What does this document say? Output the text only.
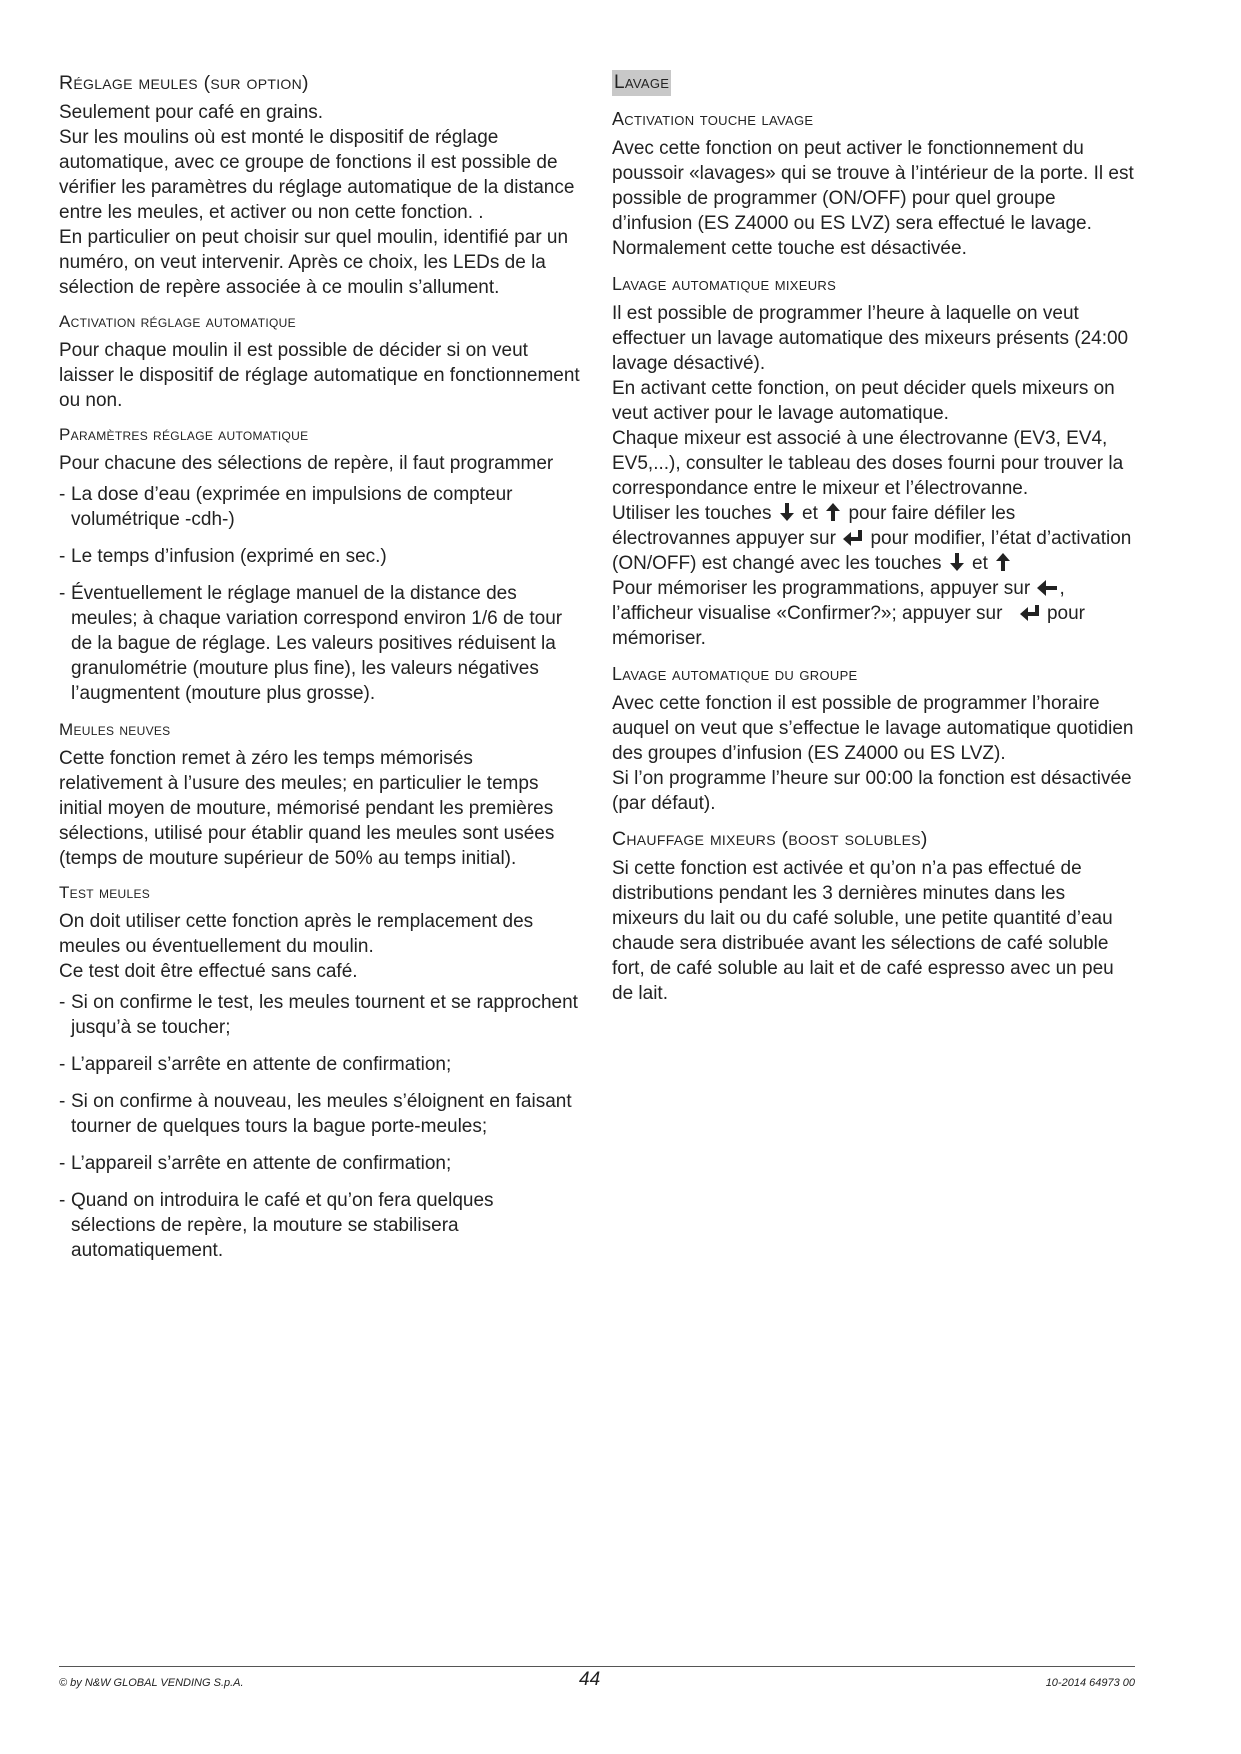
Réglage meules (sur option)

Seulement pour café en grains.

Sur les moulins où est monté le dispositif de réglage automatique, avec ce groupe de fonctions il est possible de vérifier les paramètres du réglage automatique de la distance entre les meules, et activer ou non cette fonction. .

En particulier on peut choisir sur quel moulin, identifié par un numéro, on veut intervenir. Après ce choix, les LEDs de la sélection de repère associée à ce moulin s’allument.

Activation réglage automatique

Pour chaque moulin il est possible de décider si on veut laisser le dispositif de réglage automatique en fonctionnement ou non.

Paramètres réglage automatique

Pour chacune des sélections de repère, il faut programmer

- La dose d’eau (exprimée en impulsions de compteur volumétrique -cdh-)
- Le temps d’infusion (exprimé en sec.)
- Éventuellement le réglage manuel de la distance des meules; à chaque variation correspond environ 1/6 de tour de la bague de réglage. Les valeurs positives réduisent la granulométrie (mouture plus fine), les valeurs négatives l’augmentent (mouture plus grosse).
Meules neuves

Cette fonction remet à zéro les temps mémorisés relativement à l’usure des meules; en particulier le temps initial moyen de mouture, mémorisé pendant les premières sélections, utilisé pour établir quand les meules sont usées (temps de mouture supérieur de 50% au temps initial).

Test meules

On doit utiliser cette fonction après le remplacement des meules ou éventuellement du moulin.

Ce test doit être effectué sans café.

- Si on confirme le test, les meules tournent et se rapprochent jusqu’à se toucher;
- L’appareil s’arrête en attente de confirmation;
- Si on confirme à nouveau, les meules s’éloignent en faisant tourner de quelques tours la bague porte-meules;
- L’appareil s’arrête en attente de confirmation;
- Quand on introduira le café et qu’on fera quelques sélections de repère, la mouture se stabilisera automatiquement.
Lavage
Activation touche lavage

Avec cette fonction on peut activer le fonctionnement du poussoir «lavages» qui se trouve à l’intérieur de la porte. Il est possible de programmer (ON/OFF) pour quel groupe d’infusion (ES Z4000 ou ES LVZ) sera effectué le lavage.

Normalement cette touche est désactivée.

Lavage automatique mixeurs

Il est possible de programmer l’heure à laquelle on veut effectuer un lavage automatique des mixeurs présents (24:00 lavage désactivé).

En activant cette fonction, on peut décider quels mixeurs on veut activer pour le lavage automatique.

Chaque mixeur est associé à une électrovanne (EV3, EV4, EV5,...), consulter le tableau des doses fourni pour trouver la correspondance entre le mixeur et l’électrovanne.

Utiliser les touches et pour faire défiler les électrovannes appuyer sur pour modifier, l’état d’activation (ON/OFF) est changé avec les touches et

Pour mémoriser les programmations, appuyer sur , l’afficheur visualise «Confirmer?»; appuyer sur pour mémoriser.

Lavage automatique du groupe

Avec cette fonction il est possible de programmer l’horaire auquel on veut que s’effectue le lavage automatique quotidien des groupes d’infusion (ES Z4000 ou ES LVZ).

Si l’on programme l’heure sur 00:00 la fonction est désactivée (par défaut).

Chauffage mixeurs (boost solubles)

Si cette fonction est activée et qu’on n’a pas effectué de distributions pendant les 3 dernières minutes dans les mixeurs du lait ou du café soluble, une petite quantité d’eau chaude sera distribuée avant les sélections de café soluble fort, de café soluble au lait et de café espresso avec un peu de lait.

© by N&W GLOBAL VENDING S.p.A.	44	10-2014 64973 00
